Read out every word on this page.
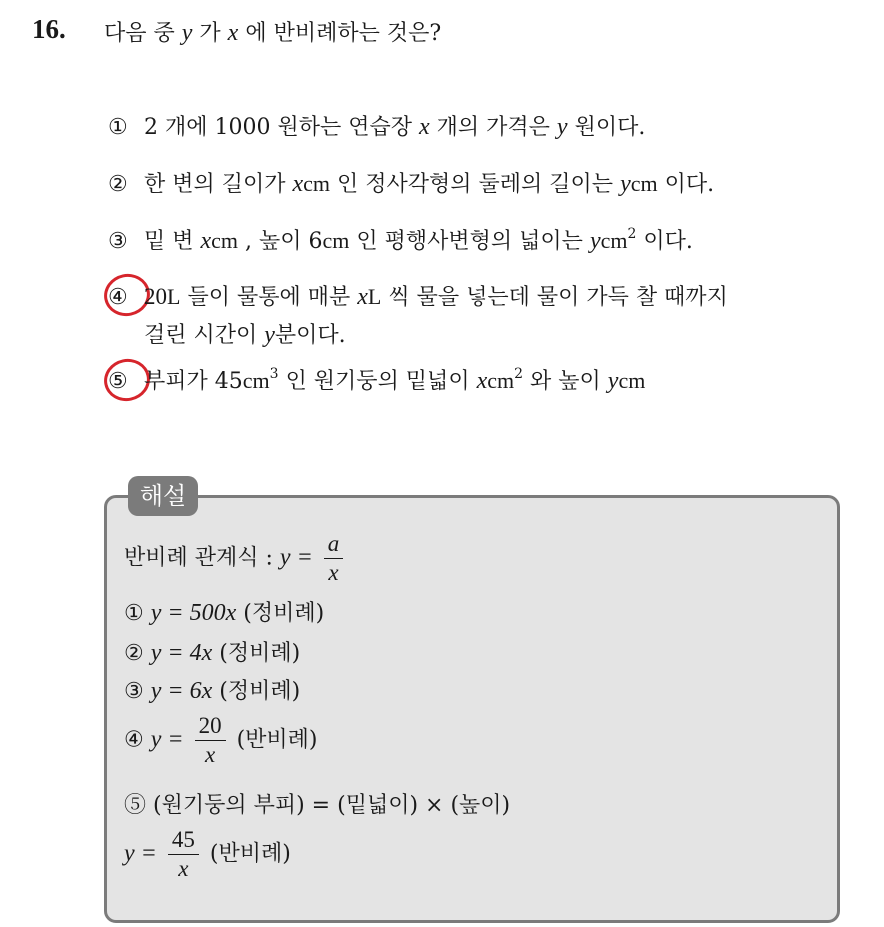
16. 다음 중 y 가 x 에 반비례하는 것은?
① 2 개에 1000 원하는 연습장 x 개의 가격은 y 원이다.
② 한 변의 길이가 xcm 인 정사각형의 둘레의 길이는 ycm 이다.
③ 밑 변 xcm , 높이 6cm 인 평행사변형의 넓이는 ycm$^2$ 이다.
④ 20L 들이 물통에 매분 xL 씩 물을 넣는데 물이 가득 찰 때까지
걸린 시간이 y분이다.
⑤ 부피가 $45cm^3$ 인 원기둥의 밑넓이 xcm$^2$ 와 높이 ycm
해설
반비례 관계식 : $y = \frac{a}{x}$
① y = 500x (정비례)
② y = 4x (정비례)
③ y = 6x (정비례)
④ $y = \frac{20}{x}$ (반비례)
⑤ (원기둥의 부피) = (밑넓이) × (높이)
$y = \frac{45}{x}$ (반비례)
